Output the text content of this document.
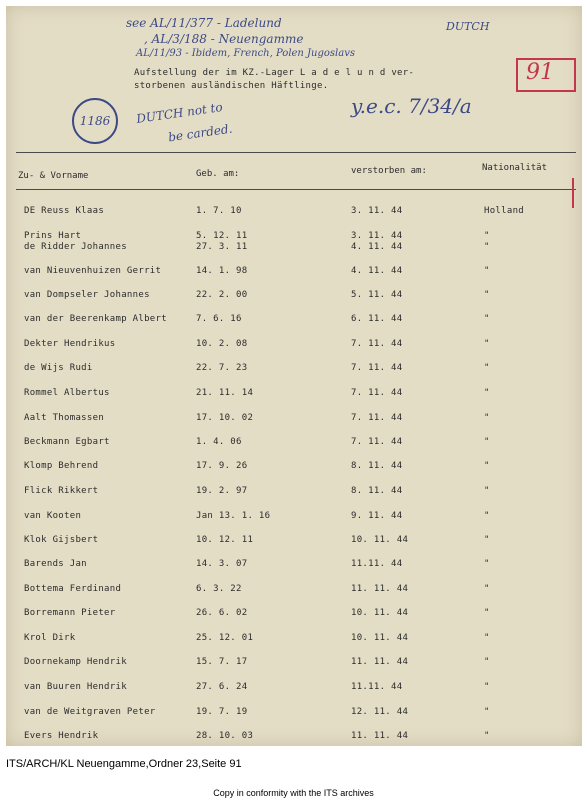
see AL/11/377 - Ladelund
, AL/3/188 - Neuengamme
AL/11/93 - Ibidem, French, Polen Jugoslavs
DUTCH
1186	DUTCH not to
be carded.
y.e.c. 7/34/a
91
Aufstellung der im KZ.-Lager L a d e l u n d ver-
storbenen ausländischen Häftlinge.
Zu- & Vorname	Geb. am:	verstorben am:	Nationalität
DE Reuss Klaas	1. 7. 10	3. 11. 44	Holland
Prins Hart	5. 12. 11	3. 11. 44	"
de Ridder Johannes	27. 3. 11	4. 11. 44	"
van Nieuvenhuizen Gerrit	14. 1. 98	4. 11. 44	"
van Dompseler Johannes	22. 2. 00	5. 11. 44	"
van der Beerenkamp Albert	7. 6. 16	6. 11. 44	"
Dekter Hendrikus	10. 2. 08	7. 11. 44	"
de Wijs Rudi	22. 7. 23	7. 11. 44	"
Rommel Albertus	21. 11. 14	7. 11. 44	"
Aalt Thomassen	17. 10. 02	7. 11. 44	"
Beckmann Egbart	1. 4. 06	7. 11. 44	"
Klomp Behrend	17. 9. 26	8. 11. 44	"
Flick Rikkert	19. 2. 97	8. 11. 44	"
van Kooten	Jan 13. 1. 16	9. 11. 44	"
Klok Gijsbert	10. 12. 11	10. 11. 44	"
Barends Jan	14. 3. 07	11.11. 44	"
Bottema Ferdinand	6. 3. 22	11. 11. 44	"
Borremann Pieter	26. 6. 02	10. 11. 44	"
Krol Dirk	25. 12. 01	10. 11. 44	"
Doornekamp Hendrik	15. 7. 17	11. 11. 44	"
van Buuren Hendrik	27. 6. 24	11.11. 44	"
van de Weitgraven Peter	19. 7. 19	12. 11. 44	"
Evers Hendrik	28. 10. 03	11. 11. 44	"
ITS/ARCH/KL Neuengamme,Ordner 23,Seite 91
Copy in conformity with the ITS archives
